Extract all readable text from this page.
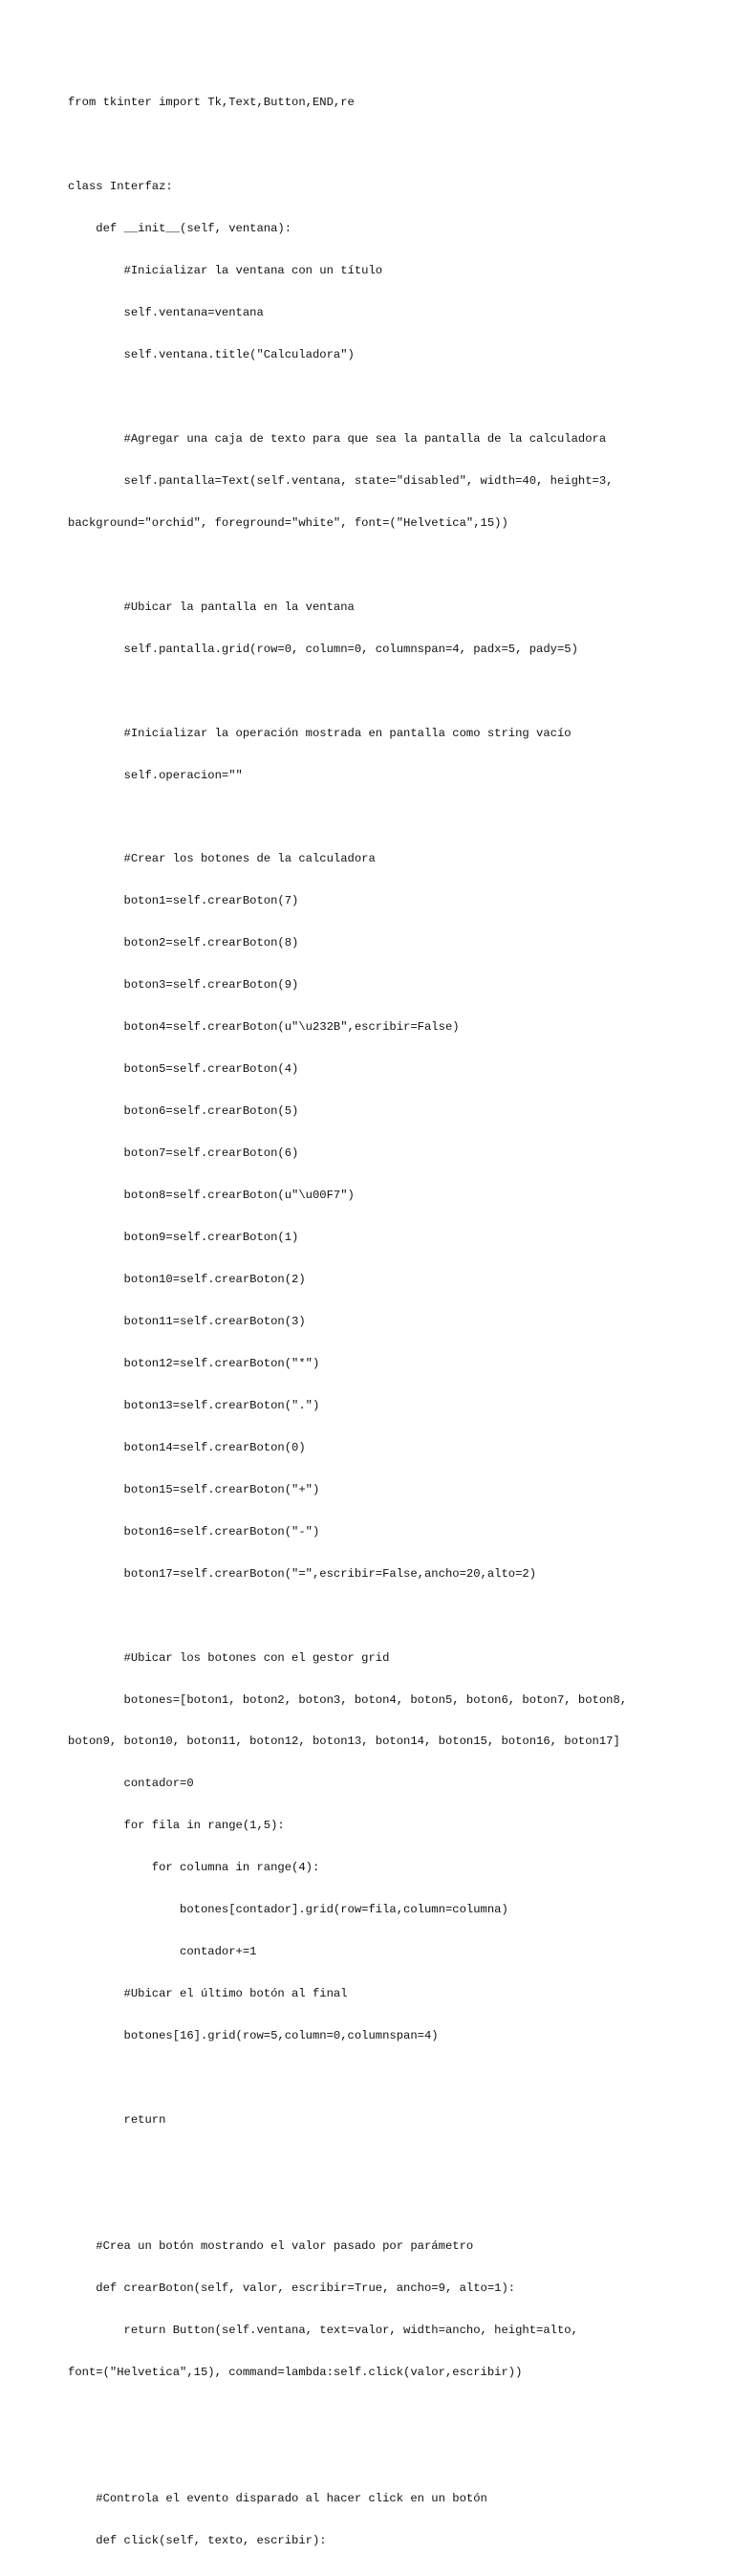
from tkinter import Tk,Text,Button,END,re

class Interfaz:

def __init__(self, ventana):

#Inicializar la ventana con un título

self.ventana=ventana

self.ventana.title("Calculadora")

#Agregar una caja de texto para que sea la pantalla de la calculadora

self.pantalla=Text(self.ventana, state="disabled", width=40, height=3,

background="orchid", foreground="white", font=("Helvetica",15))

#Ubicar la pantalla en la ventana

self.pantalla.grid(row=0, column=0, columnspan=4, padx=5, pady=5)

#Inicializar la operación mostrada en pantalla como string vacío

self.operacion=""

#Crear los botones de la calculadora

boton1=self.crearBoton(7)

boton2=self.crearBoton(8)

boton3=self.crearBoton(9)

boton4=self.crearBoton(u"\u232B",escribir=False)

boton5=self.crearBoton(4)

boton6=self.crearBoton(5)

boton7=self.crearBoton(6)

boton8=self.crearBoton(u"\u00F7")

boton9=self.crearBoton(1)

boton10=self.crearBoton(2)

boton11=self.crearBoton(3)

boton12=self.crearBoton("*")

boton13=self.crearBoton(".")

boton14=self.crearBoton(0)

boton15=self.crearBoton("+")

boton16=self.crearBoton("-")

boton17=self.crearBoton("=",escribir=False,ancho=20,alto=2)

#Ubicar los botones con el gestor grid

botones=[boton1, boton2, boton3, boton4, boton5, boton6, boton7, boton8,

boton9, boton10, boton11, boton12, boton13, boton14, boton15, boton16, boton17]

contador=0

for fila in range(1,5):

for columna in range(4):

botones[contador].grid(row=fila,column=columna)

contador+=1

#Ubicar el último botón al final

botones[16].grid(row=5,column=0,columnspan=4)

return

#Crea un botón mostrando el valor pasado por parámetro

def crearBoton(self, valor, escribir=True, ancho=9, alto=1):

return Button(self.ventana, text=valor, width=ancho, height=alto,

font=("Helvetica",15), command=lambda:self.click(valor,escribir))

#Controla el evento disparado al hacer click en un botón

def click(self, texto, escribir):
